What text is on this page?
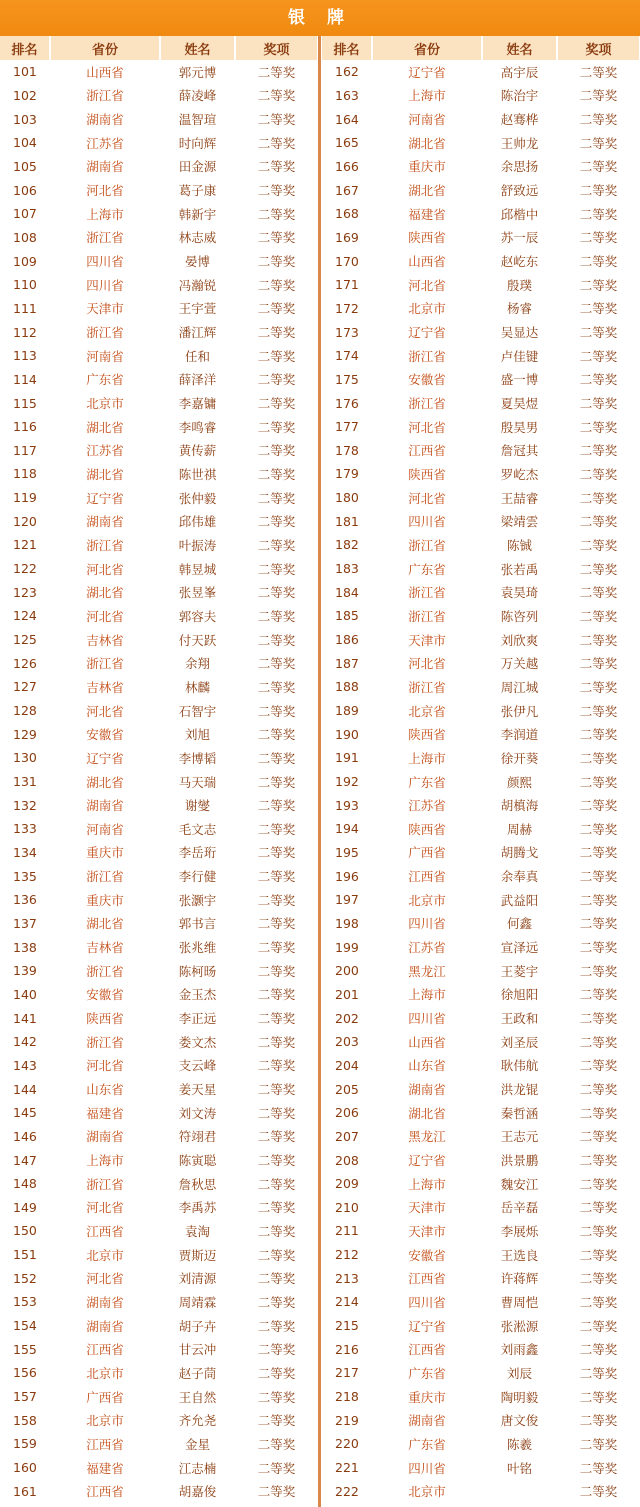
银 牌
排名	省份	姓名	奖项
101	山西省	郭元博	二等奖
102	浙江省	薛凌峰	二等奖
103	湖南省	温智瑄	二等奖
104	江苏省	时向辉	二等奖
105	湖南省	田金源	二等奖
106	河北省	葛子康	二等奖
107	上海市	韩新宇	二等奖
108	浙江省	林志威	二等奖
109	四川省	晏博	二等奖
110	四川省	冯瀚锐	二等奖
111	天津市	王宇萱	二等奖
112	浙江省	潘江辉	二等奖
113	河南省	任和	二等奖
114	广东省	薛泽洋	二等奖
115	北京市	李嘉镛	二等奖
116	湖北省	李鸣睿	二等奖
117	江苏省	黄传薪	二等奖
118	湖北省	陈世祺	二等奖
119	辽宁省	张仲毅	二等奖
120	湖南省	邱伟雄	二等奖
121	浙江省	叶振涛	二等奖
122	河北省	韩昱城	二等奖
123	湖北省	张昱峯	二等奖
124	河北省	郭容夫	二等奖
125	吉林省	付天跃	二等奖
126	浙江省	余翔	二等奖
127	吉林省	林麟	二等奖
128	河北省	石智宇	二等奖
129	安徽省	刘旭	二等奖
130	辽宁省	李博韬	二等奖
131	湖北省	马天瑞	二等奖
132	湖南省	谢燮	二等奖
133	河南省	毛文志	二等奖
134	重庆市	李岳珩	二等奖
135	浙江省	李行健	二等奖
136	重庆市	张灏宇	二等奖
137	湖北省	郭书言	二等奖
138	吉林省	张兆维	二等奖
139	浙江省	陈柯旸	二等奖
140	安徽省	金玉杰	二等奖
141	陕西省	李正远	二等奖
142	浙江省	娄文杰	二等奖
143	河北省	支云峰	二等奖
144	山东省	姜天星	二等奖
145	福建省	刘文涛	二等奖
146	湖南省	符翊君	二等奖
147	上海市	陈寅聪	二等奖
148	浙江省	詹秋思	二等奖
149	河北省	李禹苏	二等奖
150	江西省	袁淘	二等奖
151	北京市	贾斯迈	二等奖
152	河北省	刘清源	二等奖
153	湖南省	周靖霖	二等奖
154	湖南省	胡子卉	二等奖
155	江西省	甘云冲	二等奖
156	北京市	赵子茼	二等奖
157	广西省	王自然	二等奖
158	北京市	齐允尧	二等奖
159	江西省	金星	二等奖
160	福建省	江志楠	二等奖
161	江西省	胡嘉俊	二等奖
排名	省份	姓名	奖项
162	辽宁省	高宇辰	二等奖
163	上海市	陈治宇	二等奖
164	河南省	赵骞桦	二等奖
165	湖北省	王帅龙	二等奖
166	重庆市	余思扬	二等奖
167	湖北省	舒致远	二等奖
168	福建省	邱楷中	二等奖
169	陕西省	苏一辰	二等奖
170	山西省	赵屹东	二等奖
171	河北省	殷璞	二等奖
172	北京市	杨睿	二等奖
173	辽宁省	吴显达	二等奖
174	浙江省	卢佳键	二等奖
175	安徽省	盛一博	二等奖
176	浙江省	夏昊煜	二等奖
177	河北省	殷昊男	二等奖
178	江西省	詹冠其	二等奖
179	陕西省	罗屹杰	二等奖
180	河北省	王喆睿	二等奖
181	四川省	梁靖雲	二等奖
182	浙江省	陈铖	二等奖
183	广东省	张若禹	二等奖
184	浙江省	袁昊琦	二等奖
185	浙江省	陈咨列	二等奖
186	天津市	刘欣爽	二等奖
187	河北省	万关越	二等奖
188	浙江省	周江城	二等奖
189	北京省	张伊凡	二等奖
190	陕西省	李润道	二等奖
191	上海市	徐开葵	二等奖
192	广东省	颜熙	二等奖
193	江苏省	胡槙海	二等奖
194	陕西省	周赫	二等奖
195	广西省	胡腾戈	二等奖
196	江西省	余奉真	二等奖
197	北京市	武益阳	二等奖
198	四川省	何鑫	二等奖
199	江苏省	宣泽远	二等奖
200	黑龙江	王菱宇	二等奖
201	上海市	徐旭阳	二等奖
202	四川省	王政和	二等奖
203	山西省	刘圣辰	二等奖
204	山东省	耿伟航	二等奖
205	湖南省	洪龙锟	二等奖
206	湖北省	秦哲涵	二等奖
207	黑龙江	王志元	二等奖
208	辽宁省	洪景鹏	二等奖
209	上海市	魏安江	二等奖
210	天津市	岳辛磊	二等奖
211	天津市	李展烁	二等奖
212	安徽省	王选良	二等奖
213	江西省	许蒋辉	二等奖
214	四川省	曹周恺	二等奖
215	辽宁省	张淞源	二等奖
216	江西省	刘雨鑫	二等奖
217	广东省	刘辰	二等奖
218	重庆市	陶明毅	二等奖
219	湖南省	唐文俊	二等奖
220	广东省	陈羲	二等奖
221	四川省	叶铭	二等奖
222	北京市		二等奖
